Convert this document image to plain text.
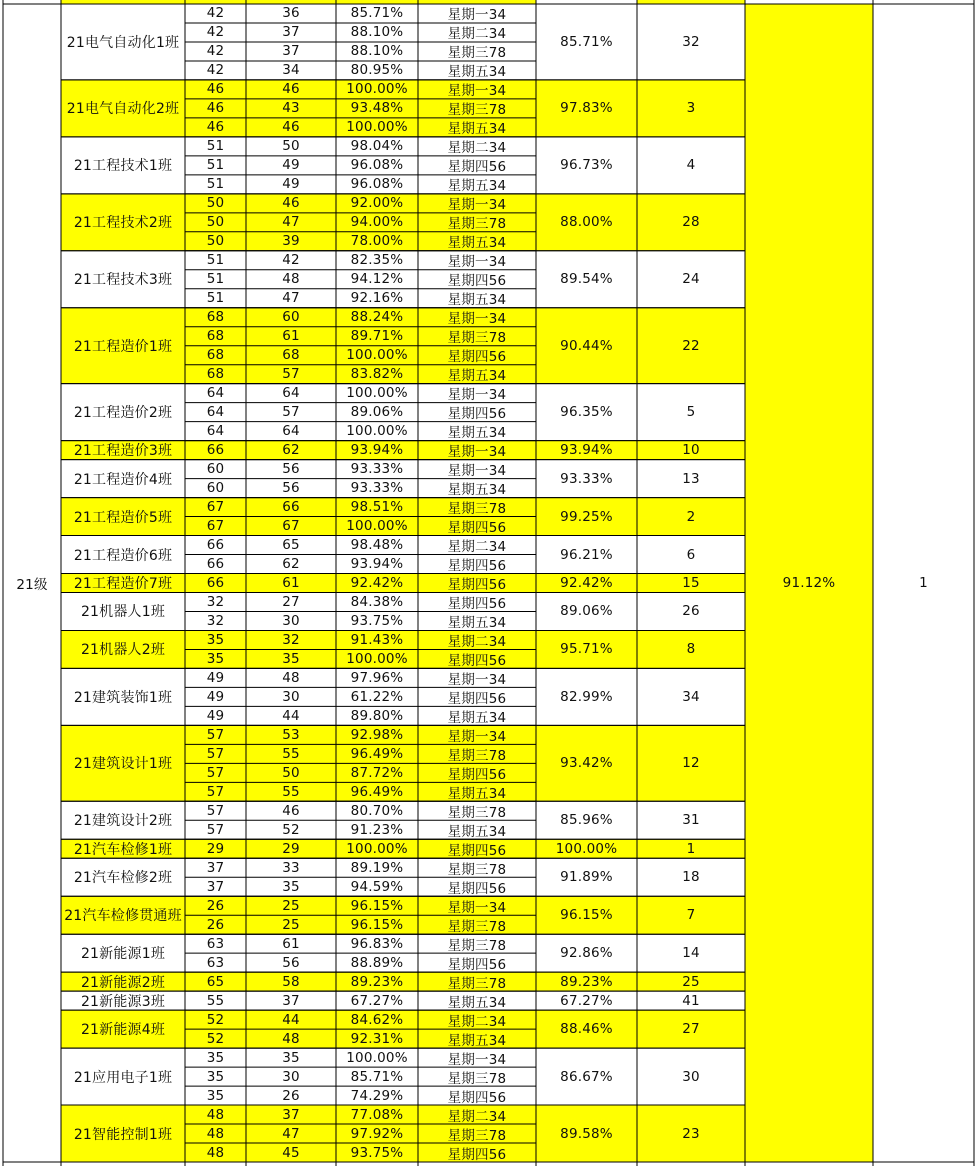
21电气自动化1班
42	36	85.71%	星期一34
42	37	88.10%	星期二34
42	37	88.10%	星期三78
42	34	80.95%	星期五34
85.71%	32
21电气自动化2班
46	46	100.00%	星期一34
46	43	93.48%	星期三78
46	46	100.00%	星期五34
97.83%	3
21工程技术1班
51	50	98.04%	星期二34
51	49	96.08%	星期四56
51	49	96.08%	星期五34
96.73%	4
21工程技术2班
50	46	92.00%	星期一34
50	47	94.00%	星期三78
50	39	78.00%	星期五34
88.00%	28
21工程技术3班
51	42	82.35%	星期一34
51	48	94.12%	星期四56
51	47	92.16%	星期五34
89.54%	24
21工程造价1班
68	60	88.24%	星期一34
68	61	89.71%	星期三78
68	68	100.00%	星期四56
68	57	83.82%	星期五34
90.44%	22
21工程造价2班
64	64	100.00%	星期一34
64	57	89.06%	星期四56
64	64	100.00%	星期五34
96.35%	5
21工程造价3班	66	62	93.94%	星期一34	93.94%	10
21工程造价4班
60	56	93.33%	星期一34
60	56	93.33%	星期五34
93.33%	13
21工程造价5班
67	66	98.51%	星期三78
67	67	100.00%	星期四56
99.25%	2
21工程造价6班
66	65	98.48%	星期二34
66	62	93.94%	星期四56
96.21%	6
21工程造价7班	66	61	92.42%	星期四56	92.42%	15
21机器人1班
32	27	84.38%	星期四56
32	30	93.75%	星期五34
89.06%	26
21机器人2班
35	32	91.43%	星期二34
35	35	100.00%	星期四56
95.71%	8
21建筑装饰1班
49	48	97.96%	星期一34
49	30	61.22%	星期四56
49	44	89.80%	星期五34
82.99%	34
21建筑设计1班
57	53	92.98%	星期一34
57	55	96.49%	星期三78
57	50	87.72%	星期四56
57	55	96.49%	星期五34
93.42%	12
21建筑设计2班
57	46	80.70%	星期三78
57	52	91.23%	星期五34
85.96%	31
21汽车检修1班	29	29	100.00%	星期四56	100.00%	1
21汽车检修2班
37	33	89.19%	星期三78
37	35	94.59%	星期四56
91.89%	18
21汽车检修贯通班
26	25	96.15%	星期一34
26	25	96.15%	星期三78
96.15%	7
21新能源1班
63	61	96.83%	星期三78
63	56	88.89%	星期四56
92.86%	14
21新能源2班	65	58	89.23%	星期三78	89.23%	25
21新能源3班	55	37	67.27%	星期五34	67.27%	41
21新能源4班
52	44	84.62%	星期二34
52	48	92.31%	星期五34
88.46%	27
21应用电子1班
35	35	100.00%	星期一34
35	30	85.71%	星期三78
35	26	74.29%	星期四56
86.67%	30
21智能控制1班
48	37	77.08%	星期二34
48	47	97.92%	星期三78
48	45	93.75%	星期四56
89.58%	23
21级	91.12%	1
